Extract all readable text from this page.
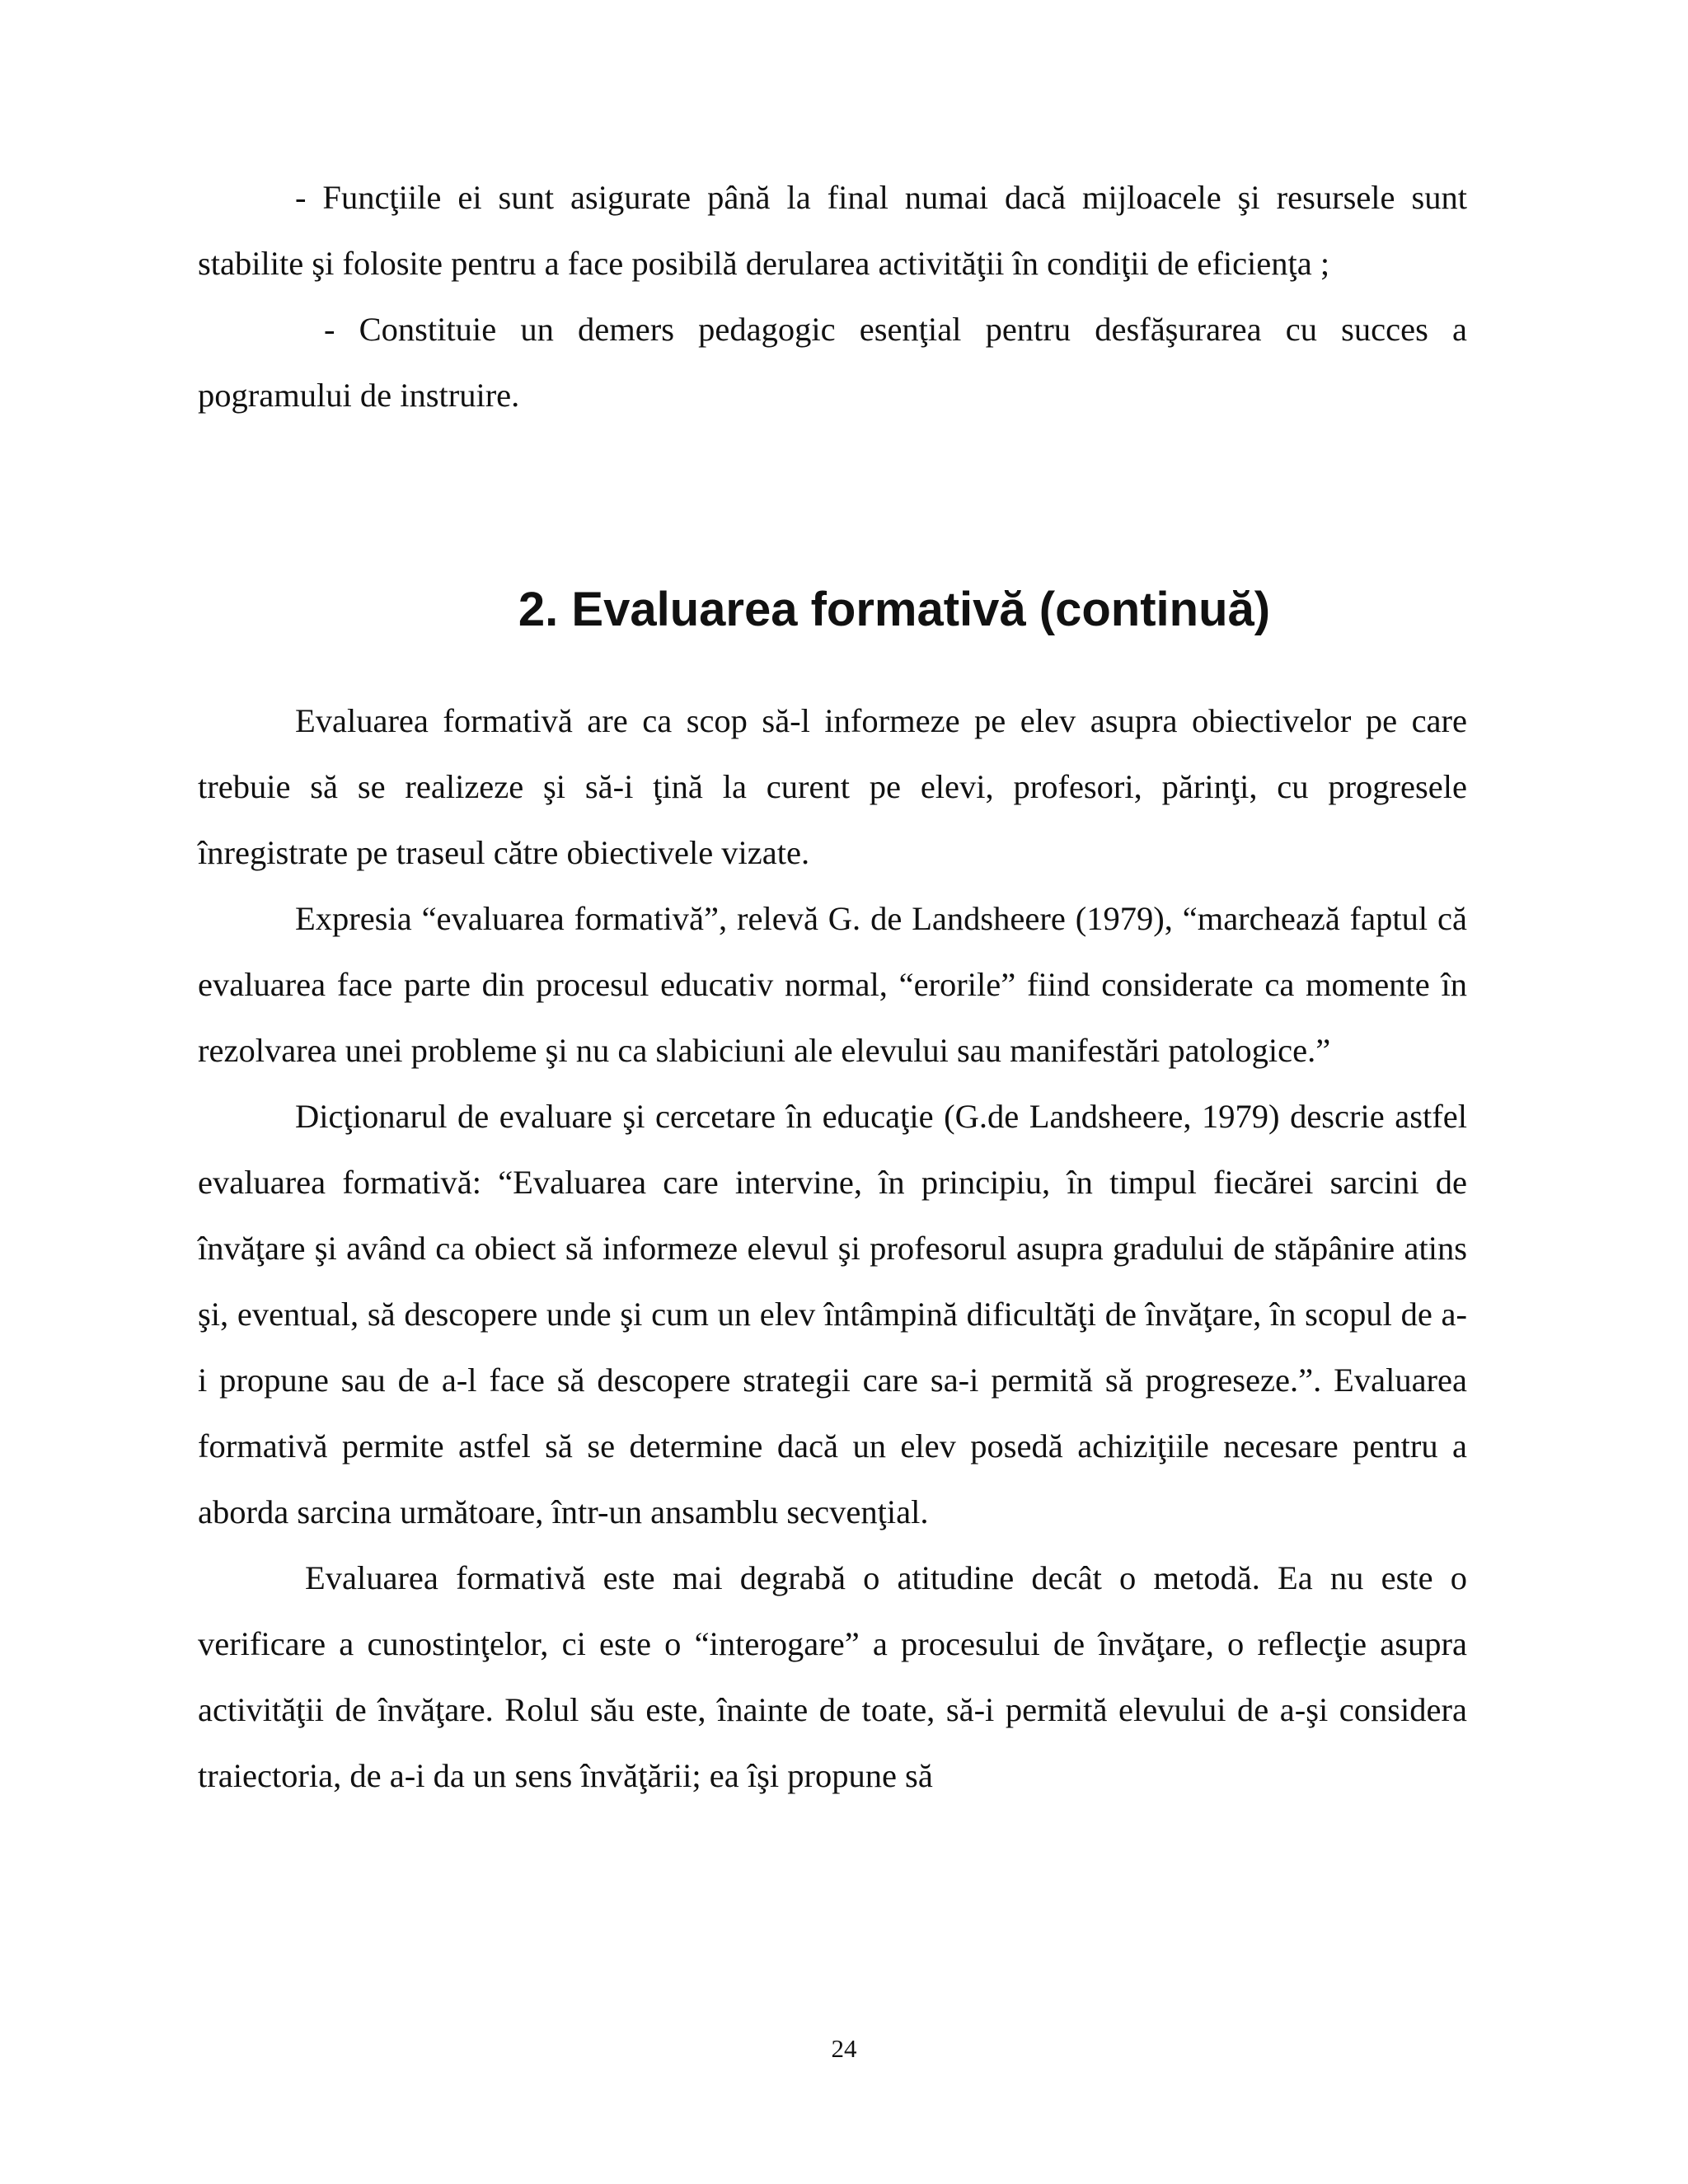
- Funcţiile ei sunt asigurate până la final numai dacă mijloacele şi resursele sunt stabilite şi folosite pentru a face posibilă derularea activităţii în condiţii de eficienţa ;

- Constituie un demers pedagogic esenţial pentru desfăşurarea cu succes a pogramului de instruire.

2. Evaluarea formativă (continuă)

Evaluarea formativă are ca scop să-l informeze pe elev asupra obiectivelor pe care trebuie să se realizeze şi să-i ţină la curent pe elevi, profesori, părinţi, cu progresele înregistrate pe traseul către obiectivele vizate.

Expresia “evaluarea formativă”, relevă G. de Landsheere (1979), “marchează faptul că evaluarea face parte din procesul educativ normal, “erorile” fiind considerate ca momente în rezolvarea unei probleme şi nu ca slabiciuni ale elevului sau manifestări patologice.”

Dicţionarul de evaluare şi cercetare în educaţie (G.de Landsheere, 1979) descrie astfel evaluarea formativă: “Evaluarea care intervine, în principiu, în timpul fiecărei sarcini de învăţare şi având ca obiect să informeze elevul şi profesorul asupra gradului de stăpânire atins şi, eventual, să descopere unde şi cum un elev întâmpină dificultăţi de învăţare, în scopul de a-i propune sau de a-l face să descopere strategii care sa-i permită să progreseze.”. Evaluarea formativă permite astfel să se determine dacă un elev posedă achiziţiile necesare pentru a aborda sarcina următoare, într-un ansamblu secvenţial.

Evaluarea formativă este mai degrabă o atitudine decât o metodă. Ea nu este o verificare a cunostinţelor, ci este o “interogare” a procesului de învăţare, o reflecţie asupra activităţii de învăţare. Rolul său este, înainte de toate, să-i permită elevului de a-şi considera traiectoria, de a-i da un sens învăţării; ea îşi propune să

24
